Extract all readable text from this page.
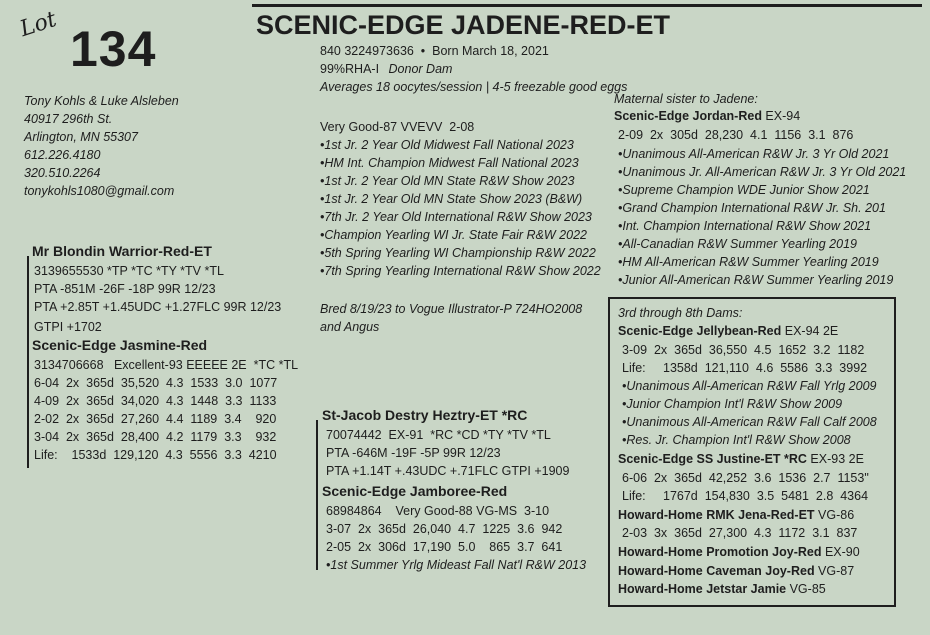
Lot 134	SCENIC-EDGE JADENE-RED-ET
840 3224973636  •  Born March 18, 2021
99%RHA-I Donor Dam
Averages 18 oocytes/session | 4-5 freezable good eggs
Tony Kohls & Luke Alsleben
40917 296th St.
Arlington, MN 55307
612.226.4180
320.510.2264
tonykohls1080@gmail.com
Very Good-87 VVEVV  2-08
•1st Jr. 2 Year Old Midwest Fall National 2023
•HM Int. Champion Midwest Fall National 2023
•1st Jr. 2 Year Old MN State R&W Show 2023
•1st Jr. 2 Year Old MN State Show 2023 (B&W)
•7th Jr. 2 Year Old International R&W Show 2023
•Champion Yearling WI Jr. State Fair R&W 2022
•5th Spring Yearling WI Championship R&W 2022
•7th Spring Yearling International R&W Show 2022
Bred 8/19/23 to Vogue Illustrator-P 724HO2008
and Angus
Mr Blondin Warrior-Red-ET
3139655530 *TP *TC *TY *TV *TL
PTA -851M -26F -18P 99R 12/23
PTA +2.85T +1.45UDC +1.27FLC 99R 12/23
GTPI +1702
Scenic-Edge Jasmine-Red
3134706668   Excellent-93 EEEEE 2E  *TC *TL
6-04  2x  365d  35,520  4.3  1533  3.0  1077
4-09  2x  365d  34,020  4.3  1448  3.3  1133
2-02  2x  365d  27,260  4.4  1189  3.4    920
3-04  2x  365d  28,400  4.2  1179  3.3    932
Life:    1533d  129,120  4.3  5556  3.3  4210
St-Jacob Destry Heztry-ET *RC
70074442  EX-91  *RC *CD *TY *TV *TL
PTA -646M -19F -5P 99R 12/23
PTA +1.14T +.43UDC +.71FLC GTPI +1909
Scenic-Edge Jamboree-Red
68984864    Very Good-88 VG-MS  3-10
3-07  2x  365d  26,040  4.7  1225  3.6  942
2-05  2x  306d  17,190  5.0    865  3.7  641
•1st Summer Yrlg Mideast Fall Nat'l R&W 2013
Maternal sister to Jadene:
Scenic-Edge Jordan-Red EX-94
2-09  2x  305d  28,230  4.1  1156  3.1  876
•Unanimous All-American R&W Jr. 3 Yr Old 2021
•Unanimous Jr. All-American R&W Jr. 3 Yr Old 2021
•Supreme Champion WDE Junior Show 2021
•Grand Champion International R&W Jr. Sh. 201
•Int. Champion International R&W Show 2021
•All-Canadian R&W Summer Yearling 2019
•HM All-American R&W Summer Yearling 2019
•Junior All-American R&W Summer Yearling 2019
3rd through 8th Dams:
Scenic-Edge Jellybean-Red EX-94 2E
3-09  2x  365d  36,550  4.5  1652  3.2  1182
Life:     1358d  121,110  4.6  5586  3.3  3992
•Unanimous All-American R&W Fall Yrlg 2009
•Junior Champion Int'l R&W Show 2009
•Unanimous All-American R&W Fall Calf 2008
•Res. Jr. Champion Int'l R&W Show 2008
Scenic-Edge SS Justine-ET *RC EX-93 2E
6-06  2x  365d  42,252  3.6  1536  2.7  1153"
Life:     1767d  154,830  3.5  5481  2.8  4364
Howard-Home RMK Jena-Red-ET VG-86
2-03  3x  365d  27,300  4.3  1172  3.1  837
Howard-Home Promotion Joy-Red EX-90
Howard-Home Caveman Joy-Red VG-87
Howard-Home Jetstar Jamie VG-85
